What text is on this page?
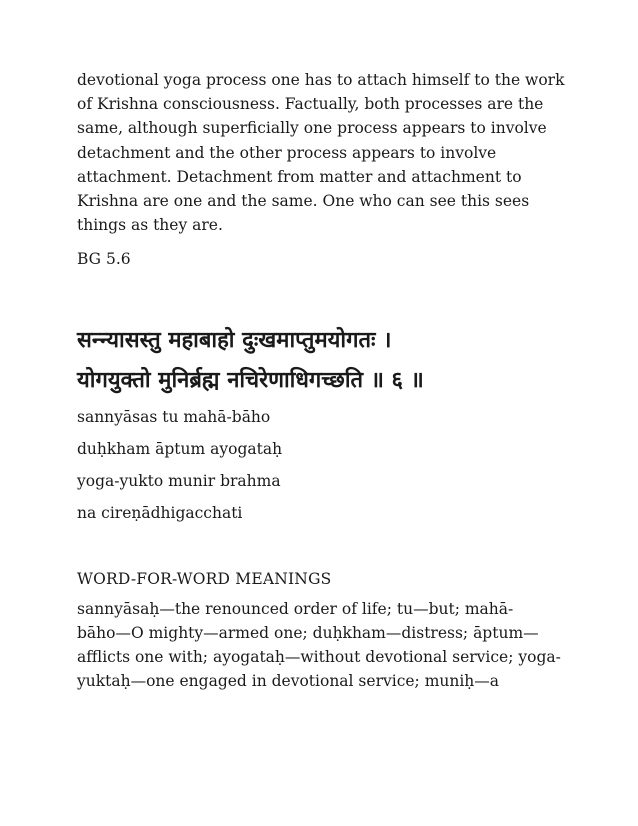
devotional yoga process one has to attach himself to the work
of Krishna consciousness. Factually, both processes are the
same, although superficially one process appears to involve
detachment and the other process appears to involve
attachment. Detachment from matter and attachment to
Krishna are one and the same. One who can see this sees
things as they are.

BG 5.6

सन्न्यासस्तु महाबाहो दुःखमाप्तुमयोगतः ।
योगयुक्तो मुनिर्ब्रह्म नचिरेणाधिगच्छति ॥ ६ ॥
sannyāsas tu mahā-bāho
duḥkham āptum ayogataḥ
yoga-yukto munir brahma
na cireṇādhigacchati
WORD-FOR-WORD MEANINGS
sannyāsaḥ—the renounced order of life; tu—but; mahā-
bāho—O mighty—armed one; duḥkham—distress; āptum—
afflicts one with; ayogataḥ—without devotional service; yoga-
yuktaḥ—one engaged in devotional service; muniḥ—a
